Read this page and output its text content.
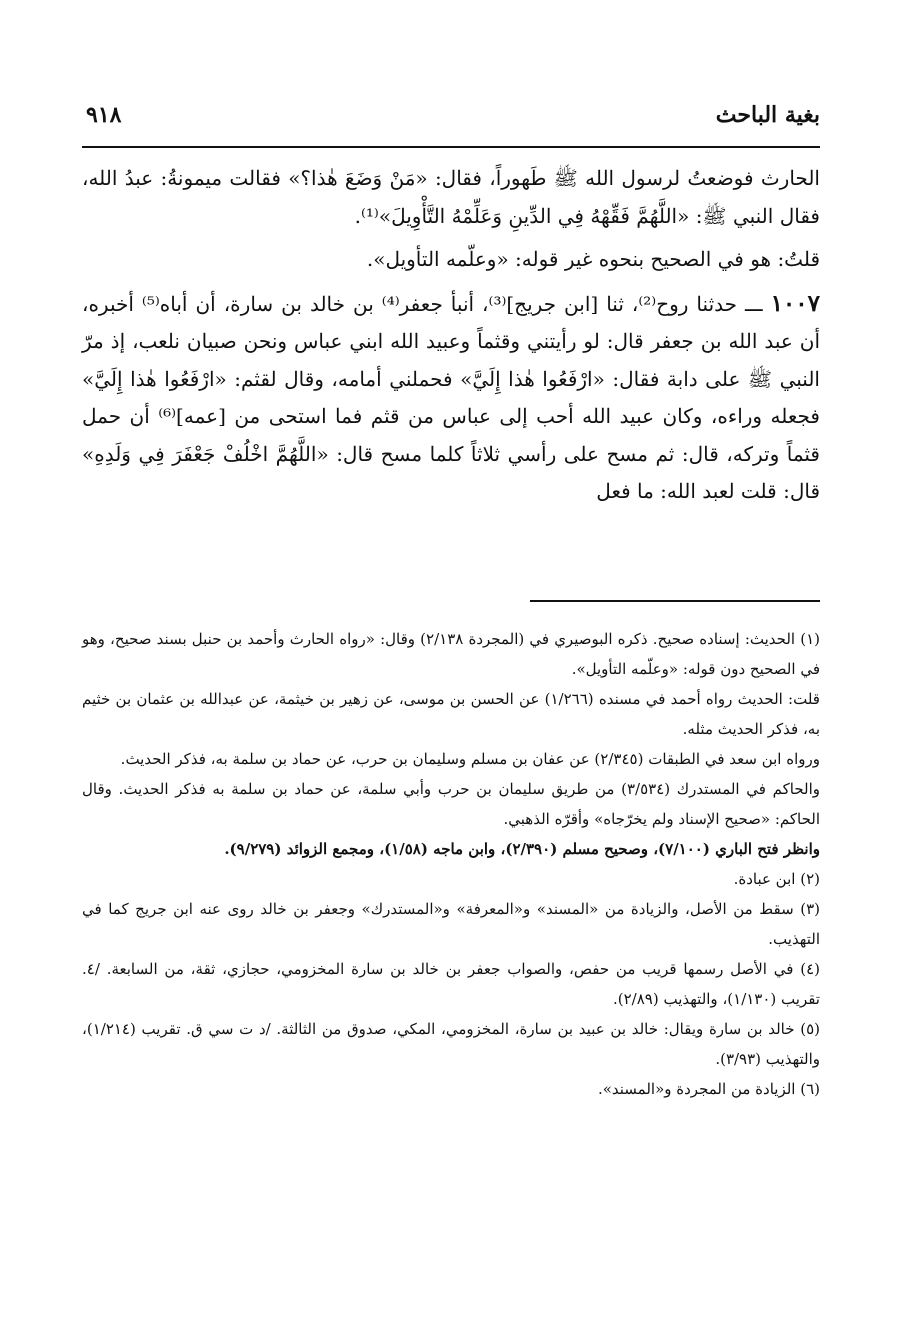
٩١٨	بغية الباحث

الحارث فوضعتُ لرسول الله ﷺ طَهوراً، فقال: «مَنْ وَضَعَ هٰذا؟» فقالت ميمونةُ: عبدُ الله، فقال النبي ﷺ: «اللَّهُمَّ فَقِّهْهُ فِي الدِّينِ وَعَلِّمْهُ التَّأْوِيلَ»⁽¹⁾.

قلتُ: هو في الصحيح بنحوه غير قوله: «وعلّمه التأويل».

١٠٠٧ ـــ حدثنا روح⁽²⁾، ثنا [ابن جريج]⁽³⁾، أنبأ جعفر⁽⁴⁾ بن خالد بن سارة، أن أباه⁽⁵⁾ أخبره، أن عبد الله بن جعفر قال: لو رأيتني وقثماً وعبيد الله ابني عباس ونحن صبيان نلعب، إذ مرّ النبي ﷺ على دابة فقال: «ارْفَعُوا هٰذا إِلَيَّ» فحملني أمامه، وقال لقثم: «ارْفَعُوا هٰذا إِلَيَّ» فجعله وراءه، وكان عبيد الله أحب إلى عباس من قثم فما استحى من [عمه]⁽⁶⁾ أن حمل قثماً وتركه، قال: ثم مسح على رأسي ثلاثاً كلما مسح قال: «اللَّهُمَّ اخْلُفْ جَعْفَرَ فِي وَلَدِهِ» قال: قلت لعبد الله: ما فعل

(١) الحديث: إسناده صحيح. ذكره البوصيري في (المجردة ٢/١٣٨) وقال: «رواه الحارث وأحمد بن حنبل بسند صحيح، وهو في الصحيح دون قوله: «وعلّمه التأويل».

قلت: الحديث رواه أحمد في مسنده (١/٢٦٦) عن الحسن بن موسى، عن زهير بن خيثمة، عن عبدالله بن عثمان بن خثيم به، فذكر الحديث مثله.

ورواه ابن سعد في الطبقات (٢/٣٤٥) عن عفان بن مسلم وسليمان بن حرب، عن حماد بن سلمة به، فذكر الحديث.

والحاكم في المستدرك (٣/٥٣٤) من طريق سليمان بن حرب وأبي سلمة، عن حماد بن سلمة به فذكر الحديث. وقال الحاكم: «صحيح الإسناد ولم يخرّجاه» وأقرّه الذهبي.

وانظر فتح الباري (٧/١٠٠)، وصحيح مسلم (٢/٣٩٠)، وابن ماجه (١/٥٨)، ومجمع الزوائد (٩/٢٧٩).

(٢) ابن عبادة.

(٣) سقط من الأصل، والزيادة من «المسند» و«المعرفة» و«المستدرك» وجعفر بن خالد روى عنه ابن جريج كما في التهذيب.

(٤) في الأصل رسمها قريب من حفص، والصواب جعفر بن خالد بن سارة المخزومي، حجازي، ثقة، من السابعة. /٤. تقريب (١/١٣٠)، والتهذيب (٢/٨٩).

(٥) خالد بن سارة ويقال: خالد بن عبيد بن سارة، المخزومي، المكي، صدوق من الثالثة. /د ت سي ق. تقريب (١/٢١٤)، والتهذيب (٣/٩٣).

(٦) الزيادة من المجردة و«المسند».
